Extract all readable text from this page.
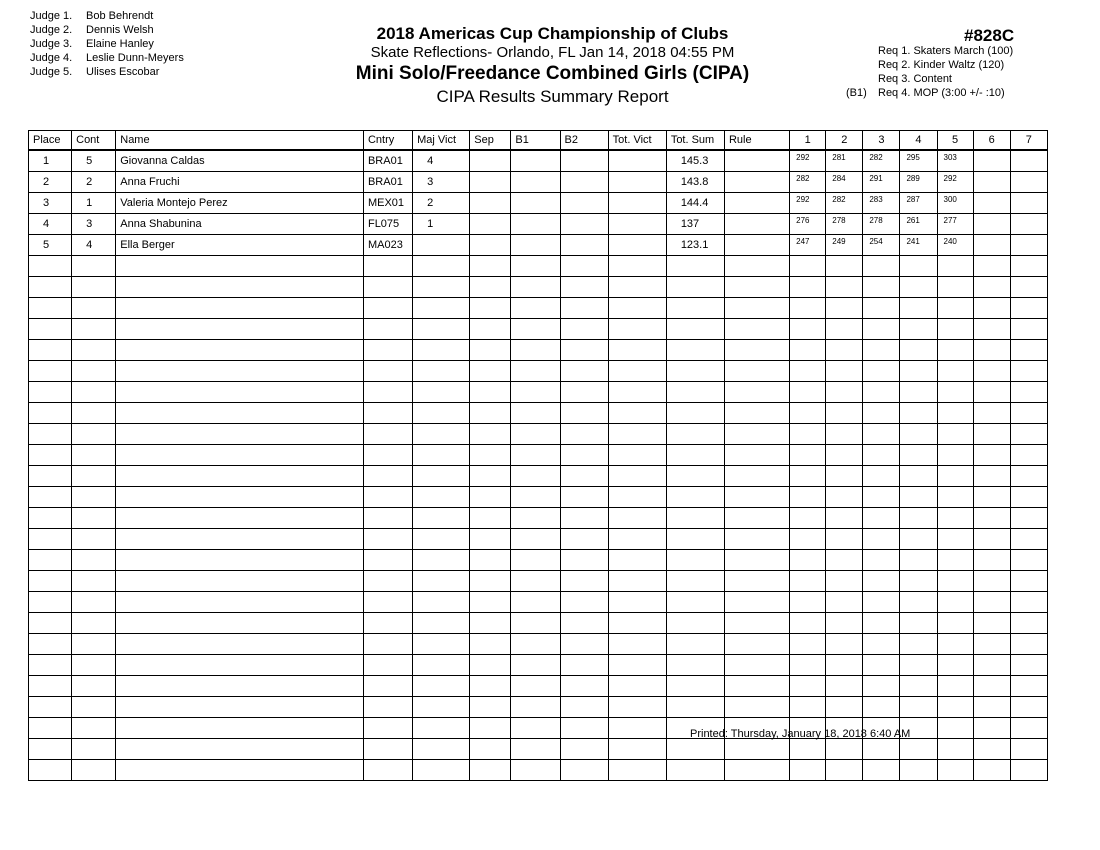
Judge 1. Bob Behrendt
Judge 2. Dennis Welsh
Judge 3. Elaine Hanley
Judge 4. Leslie Dunn-Meyers
Judge 5. Ulises Escobar
2018 Americas Cup Championship of Clubs
Skate Reflections- Orlando, FL Jan 14, 2018 04:55 PM
Mini Solo/Freedance Combined Girls (CIPA)
CIPA Results Summary Report
#828C
Req 1. Skaters March (100)
Req 2. Kinder Waltz (120)
Req 3. Content
(B1) Req 4. MOP (3:00 +/- :10)
Place	Cont	Name	Cntry	Maj Vict	Sep	B1	B2	Tot. Vict	Tot. Sum	Rule	1	2	3	4	5	6	7
1	5	Giovanna Caldas	BRA01	4					145.3		292	281	282	295	303		
2	2	Anna Fruchi	BRA01	3					143.8		282	284	291	289	292		
3	1	Valeria Montejo Perez	MEX01	2					144.4		292	282	283	287	300		
4	3	Anna Shabunina	FL075	1					137		276	278	278	261	277		
5	4	Ella Berger	MA023						123.1		247	249	254	241	240		

Printed: Thursday, January 18, 2018 6:40 AM
